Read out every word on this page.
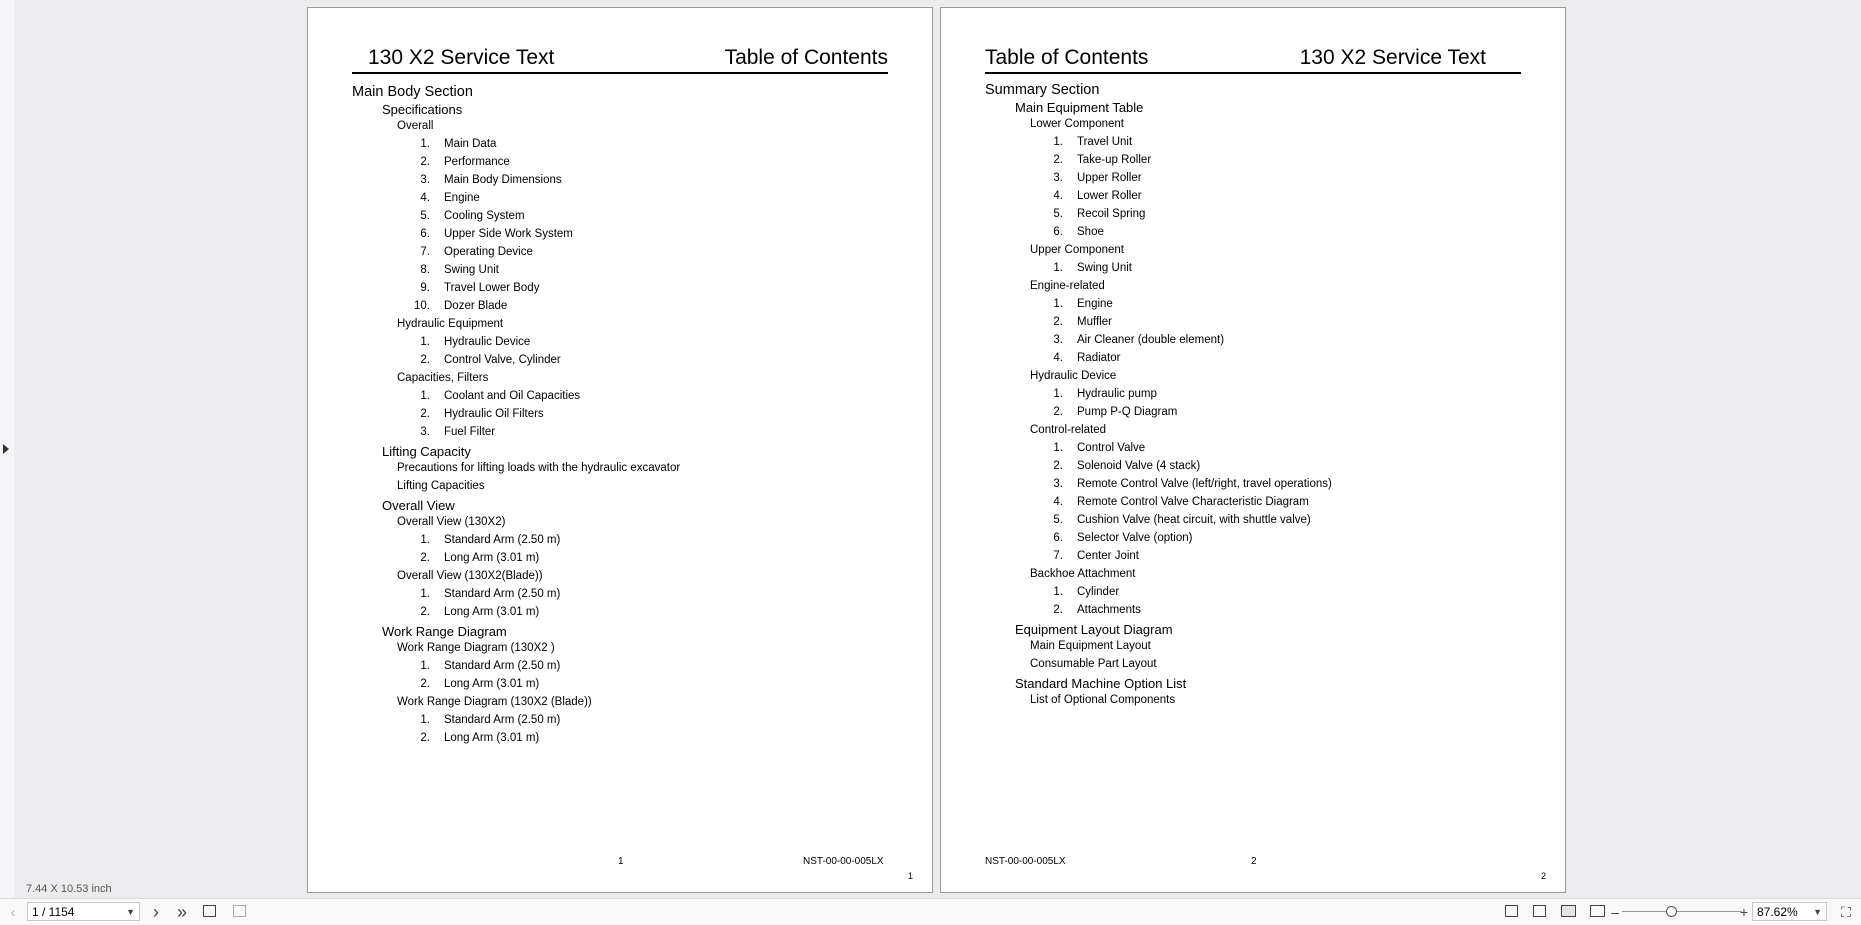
130 X2 Service Text	Table of Contents
Main Body Section
Specifications
Overall
1. Main Data
2. Performance
3. Main Body Dimensions
4. Engine
5. Cooling System
6. Upper Side Work System
7. Operating Device
8. Swing Unit
9. Travel Lower Body
10. Dozer Blade
Hydraulic Equipment
1. Hydraulic Device
2. Control Valve, Cylinder
Capacities, Filters
1. Coolant and Oil Capacities
2. Hydraulic Oil Filters
3. Fuel Filter
Lifting Capacity
Precautions for lifting loads with the hydraulic excavator
Lifting Capacities
Overall View
Overall View (130X2)
1. Standard Arm (2.50 m)
2. Long Arm (3.01 m)
Overall View (130X2(Blade))
1. Standard Arm (2.50 m)
2. Long Arm (3.01 m)
Work Range Diagram
Work Range Diagram (130X2 )
1. Standard Arm (2.50 m)
2. Long Arm (3.01 m)
Work Range Diagram (130X2 (Blade))
1. Standard Arm (2.50 m)
2. Long Arm (3.01 m)
1	NST-00-00-005LX
1
Table of Contents	130 X2 Service Text
Summary Section
Main Equipment Table
Lower Component
1. Travel Unit
2. Take-up Roller
3. Upper Roller
4. Lower Roller
5. Recoil Spring
6. Shoe
Upper Component
1. Swing Unit
Engine-related
1. Engine
2. Muffler
3. Air Cleaner (double element)
4. Radiator
Hydraulic Device
1. Hydraulic pump
2. Pump P-Q Diagram
Control-related
1. Control Valve
2. Solenoid Valve (4 stack)
3. Remote Control Valve (left/right, travel operations)
4. Remote Control Valve Characteristic Diagram
5. Cushion Valve (heat circuit, with shuttle valve)
6. Selector Valve (option)
7. Center Joint
Backhoe Attachment
1. Cylinder
2. Attachments
Equipment Layout Diagram
Main Equipment Layout
Consumable Part Layout
Standard Machine Option List
List of Optional Components
NST-00-00-005LX	2
2
7.44 X 10.53 inch
‹	1 / 1154	▼ › »	–	+ 87.62% ▼ ⛶
